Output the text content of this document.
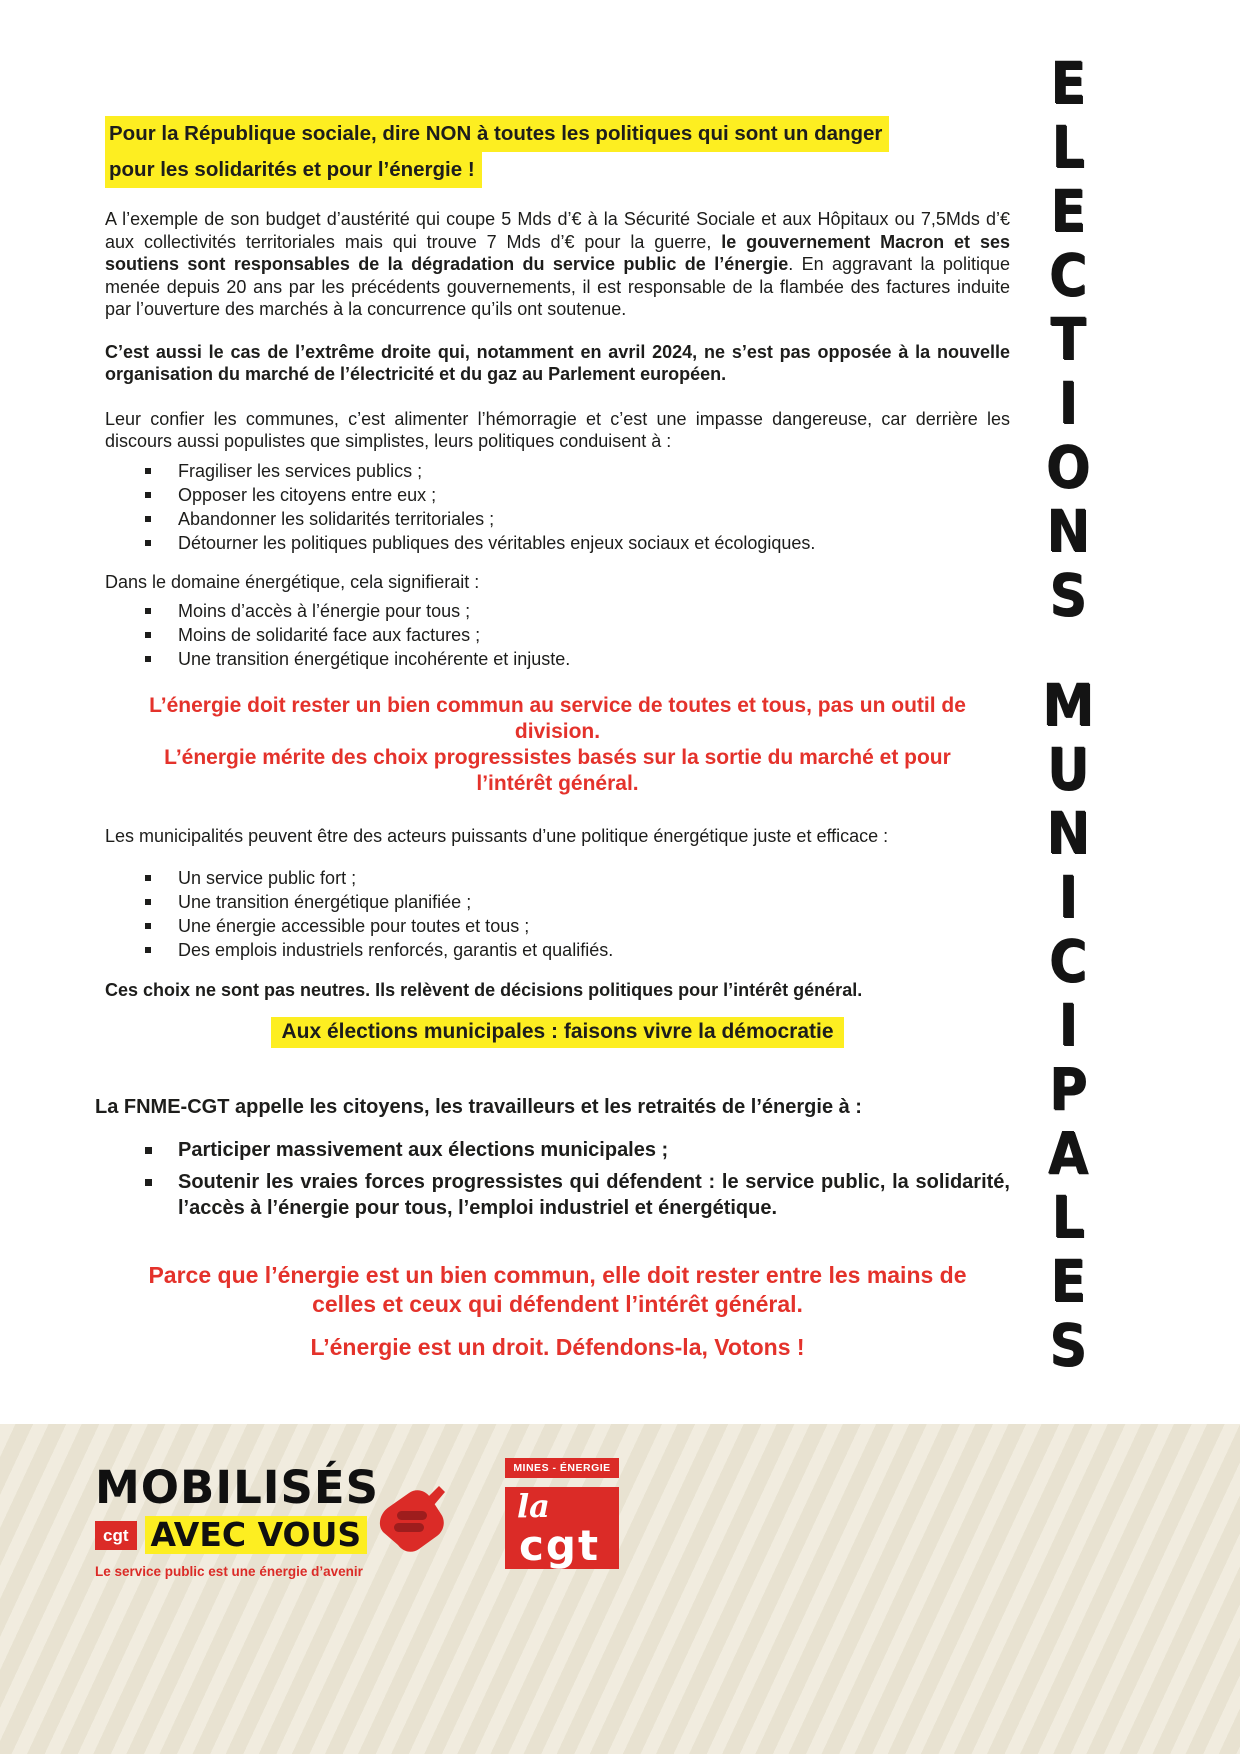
Pour la République sociale, dire NON à toutes les politiques qui sont un danger
pour les solidarités et pour l’énergie !

A l’exemple de son budget d’austérité qui coupe 5 Mds d’€ à la Sécurité Sociale et aux Hôpitaux ou 7,5Mds d’€ aux collectivités territoriales mais qui trouve 7 Mds d’€ pour la guerre, le gouvernement Macron et ses soutiens sont responsables de la dégradation du service public de l’énergie. En aggravant la politique menée depuis 20 ans par les précédents gouvernements, il est responsable de la flambée des factures induite par l’ouverture des marchés à la concurrence qu’ils ont soutenue.

C’est aussi le cas de l’extrême droite qui, notamment en avril 2024, ne s’est pas opposée à la nouvelle organisation du marché de l’électricité et du gaz au Parlement européen.

Leur confier les communes, c’est alimenter l’hémorragie et c’est une impasse dangereuse, car derrière les discours aussi populistes que simplistes, leurs politiques conduisent à :

Fragiliser les services publics ;
Opposer les citoyens entre eux ;
Abandonner les solidarités territoriales ;
Détourner les politiques publiques des véritables enjeux sociaux et écologiques.

Dans le domaine énergétique, cela signifierait :

Moins d’accès à l’énergie pour tous ;
Moins de solidarité face aux factures ;
Une transition énergétique incohérente et injuste.
L’énergie doit rester un bien commun au service de toutes et tous, pas un outil de division.
L’énergie mérite des choix progressistes basés sur la sortie du marché et pour l’intérêt général.

Les municipalités peuvent être des acteurs puissants d’une politique énergétique juste et efficace :

Un service public fort ;
Une transition énergétique planifiée ;
Une énergie accessible pour toutes et tous ;
Des emplois industriels renforcés, garantis et qualifiés.

Ces choix ne sont pas neutres. Ils relèvent de décisions politiques pour l’intérêt général.

Aux élections municipales : faisons vivre la démocratie

La FNME-CGT appelle les citoyens, les travailleurs et les retraités de l’énergie à :

Participer massivement aux élections municipales ;
Soutenir les vraies forces progressistes qui défendent : le service public, la solidarité, l’accès à l’énergie pour tous, l’emploi industriel et énergétique.
Parce que l’énergie est un bien commun, elle doit rester entre les mains de celles et ceux qui défendent l’intérêt général.
L’énergie est un droit. Défendons-la, Votons !
E
L
E
C
T
I
O
N
S
M
U
N
I
C
I
P
A
L
E
S
MOBILISÉS
cgt AVEC VOUS
Le service public est une énergie d’avenir
MINES - ÉNERGIE
la
cgt
